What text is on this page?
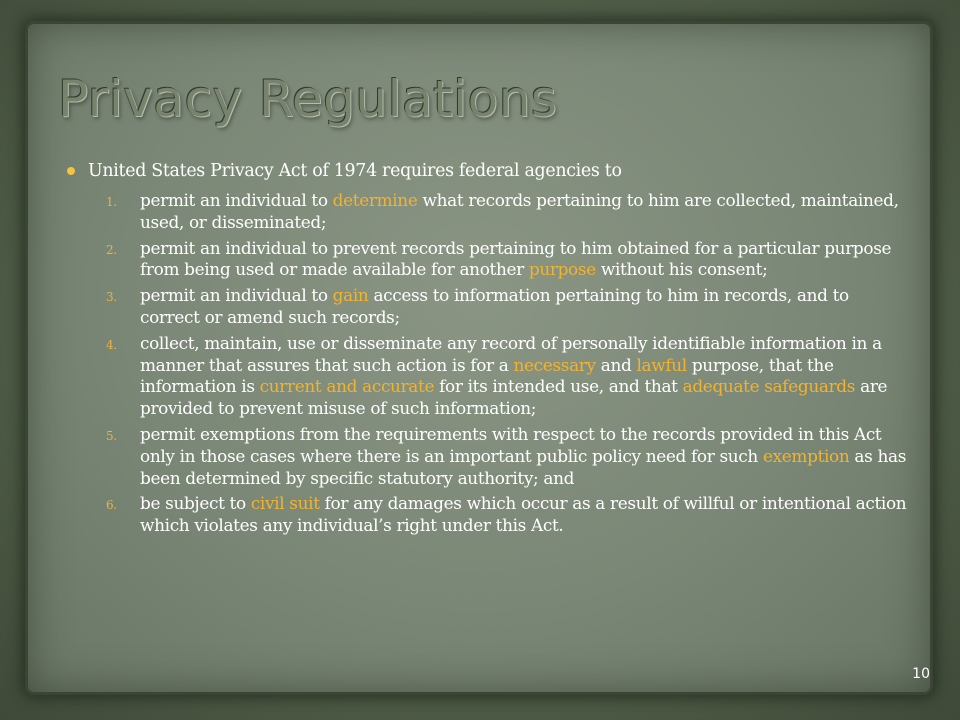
Privacy Regulations
United States Privacy Act of 1974 requires federal agencies to
1. permit an individual to determine what records pertaining to him are collected, maintained, used, or disseminated;
2. permit an individual to prevent records pertaining to him obtained for a particular purpose from being used or made available for another purpose without his consent;
3. permit an individual to gain access to information pertaining to him in records, and to correct or amend such records;
4. collect, maintain, use or disseminate any record of personally identifiable information in a manner that assures that such action is for a necessary and lawful purpose, that the information is current and accurate for its intended use, and that adequate safeguards are provided to prevent misuse of such information;
5. permit exemptions from the requirements with respect to the records provided in this Act only in those cases where there is an important public policy need for such exemption as has been determined by specific statutory authority; and
6. be subject to civil suit for any damages which occur as a result of willful or intentional action which violates any individual’s right under this Act.
10
